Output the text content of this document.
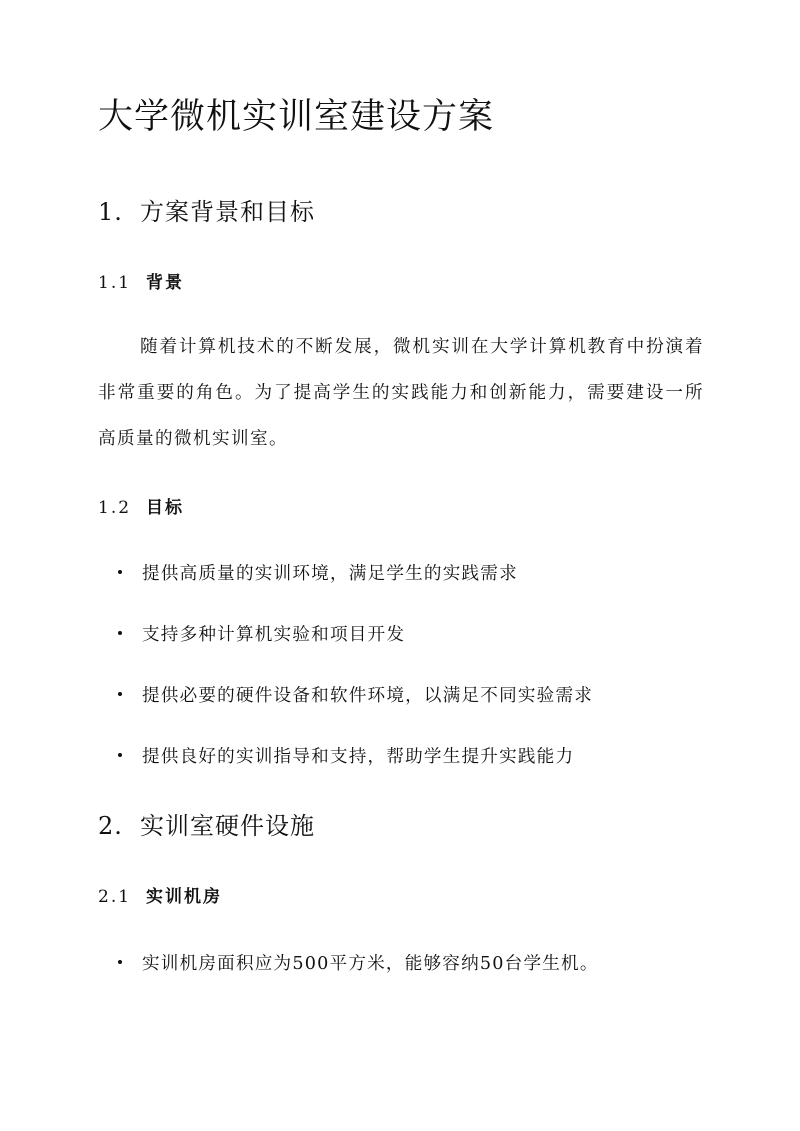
大学微机实训室建设方案
1. 方案背景和目标
1.1 背景

随着计算机技术的不断发展，微机实训在大学计算机教育中扮演着非常重要的角色。为了提高学生的实践能力和创新能力，需要建设一所高质量的微机实训室。

1.2 目标

提供高质量的实训环境，满足学生的实践需求

支持多种计算机实验和项目开发

提供必要的硬件设备和软件环境，以满足不同实验需求

提供良好的实训指导和支持，帮助学生提升实践能力

2. 实训室硬件设施
2.1 实训机房

实训机房面积应为500平方米，能够容纳50台学生机。
